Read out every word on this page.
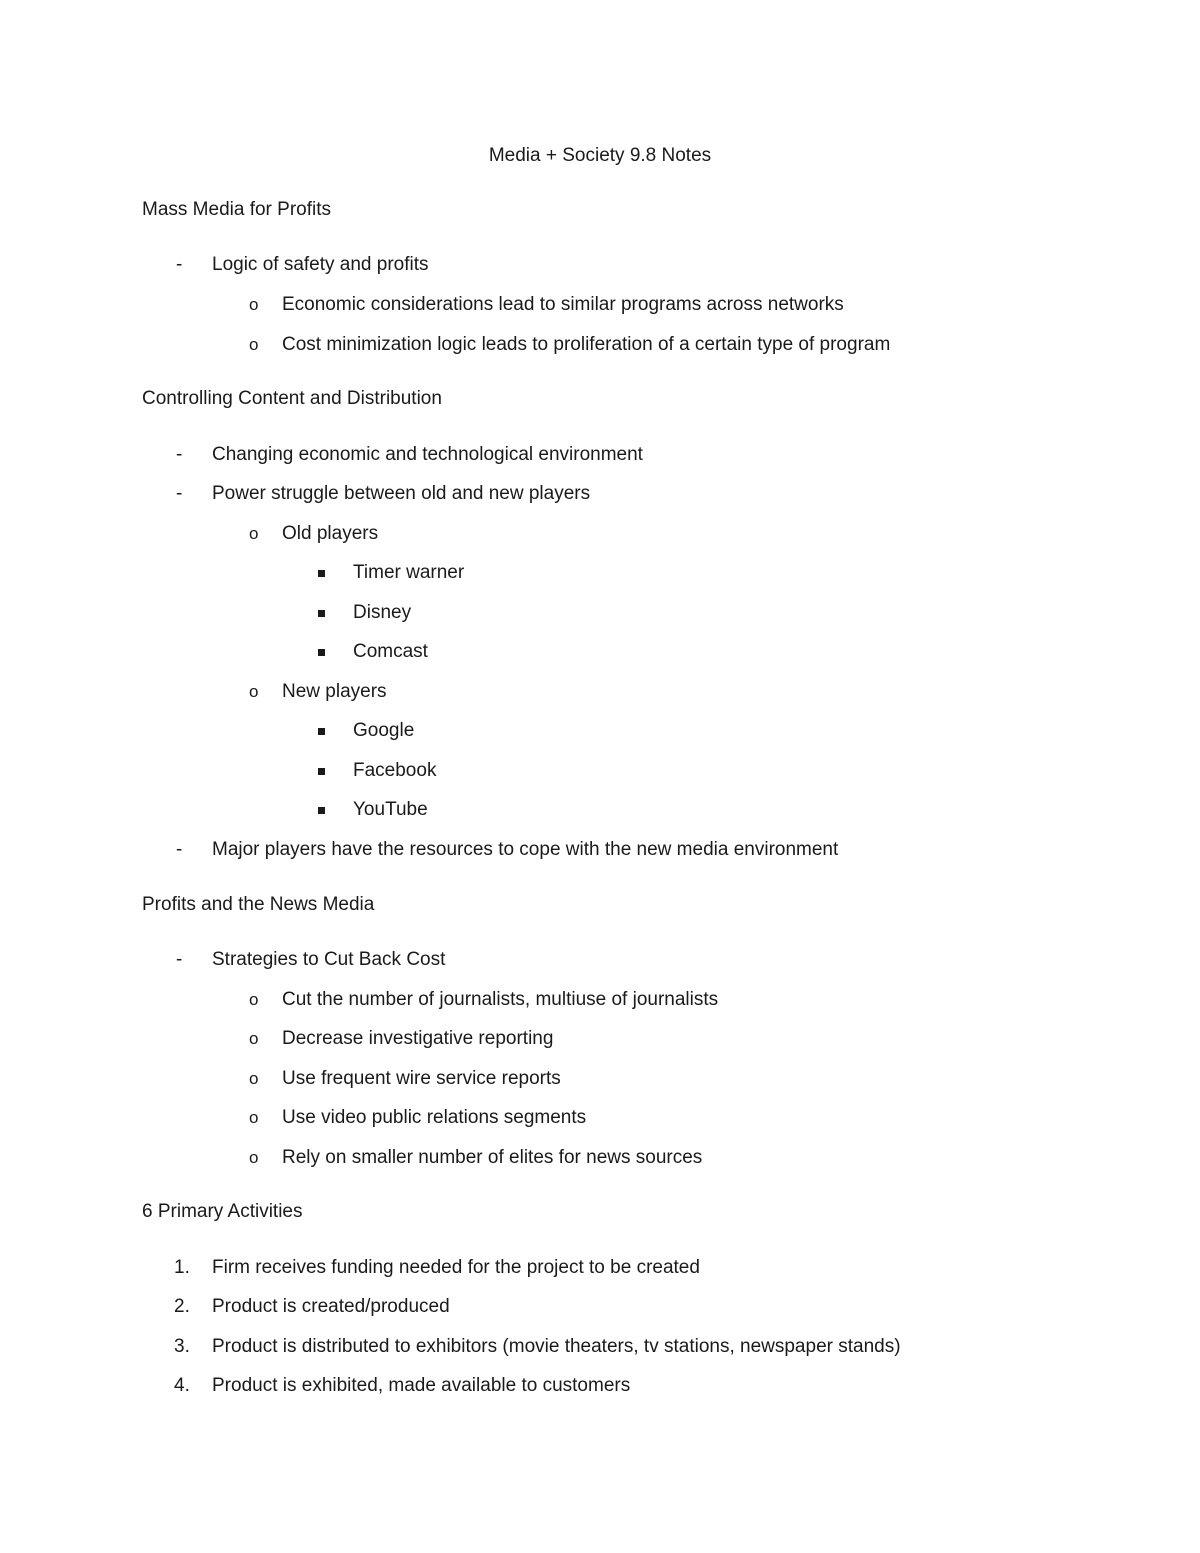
Media + Society 9.8 Notes
Mass Media for Profits
- Logic of safety and profits
o Economic considerations lead to similar programs across networks
o Cost minimization logic leads to proliferation of a certain type of program
Controlling Content and Distribution
- Changing economic and technological environment
- Power struggle between old and new players
o Old players
Timer warner
Disney
Comcast
o New players
Google
Facebook
YouTube
- Major players have the resources to cope with the new media environment
Profits and the News Media
- Strategies to Cut Back Cost
o Cut the number of journalists, multiuse of journalists
o Decrease investigative reporting
o Use frequent wire service reports
o Use video public relations segments
o Rely on smaller number of elites for news sources
6 Primary Activities
1. Firm receives funding needed for the project to be created
2. Product is created/produced
3. Product is distributed to exhibitors (movie theaters, tv stations, newspaper stands)
4. Product is exhibited, made available to customers
